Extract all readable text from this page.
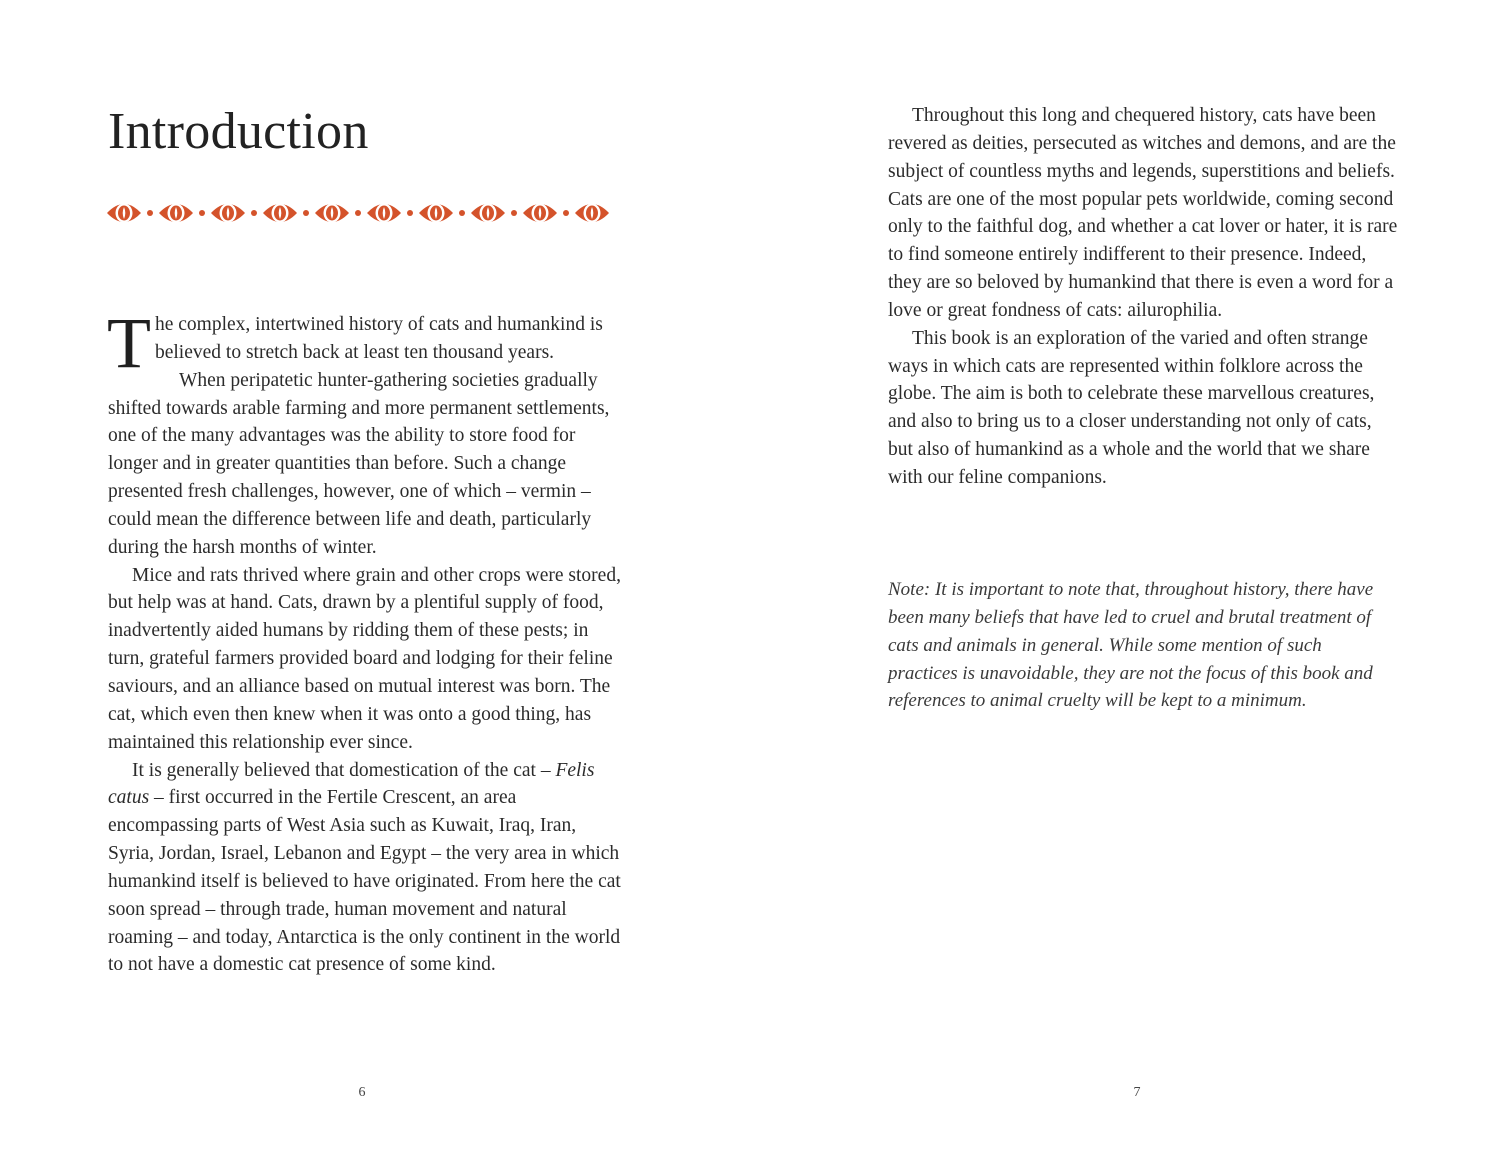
Introduction

The complex, intertwined history of cats and humankind is believed to stretch back at least ten thousand years.

When peripatetic hunter-gathering societies gradually shifted towards arable farming and more permanent settlements, one of the many advantages was the ability to store food for longer and in greater quantities than before. Such a change presented fresh challenges, however, one of which – vermin – could mean the difference between life and death, particularly during the harsh months of winter.

Mice and rats thrived where grain and other crops were stored, but help was at hand. Cats, drawn by a plentiful supply of food, inadvertently aided humans by ridding them of these pests; in turn, grateful farmers provided board and lodging for their feline saviours, and an alliance based on mutual interest was born. The cat, which even then knew when it was onto a good thing, has maintained this relationship ever since.

It is generally believed that domestication of the cat – Felis catus – first occurred in the Fertile Crescent, an area encompassing parts of West Asia such as Kuwait, Iraq, Iran, Syria, Jordan, Israel, Lebanon and Egypt – the very area in which humankind itself is believed to have originated. From here the cat soon spread – through trade, human movement and natural roaming – and today, Antarctica is the only continent in the world to not have a domestic cat presence of some kind.

6

Throughout this long and chequered history, cats have been revered as deities, persecuted as witches and demons, and are the subject of countless myths and legends, superstitions and beliefs. Cats are one of the most popular pets worldwide, coming second only to the faithful dog, and whether a cat lover or hater, it is rare to find someone entirely indifferent to their presence. Indeed, they are so beloved by humankind that there is even a word for a love or great fondness of cats: ailurophilia.

This book is an exploration of the varied and often strange ways in which cats are represented within folklore across the globe. The aim is both to celebrate these marvellous creatures, and also to bring us to a closer understanding not only of cats, but also of humankind as a whole and the world that we share with our feline companions.

Note: It is important to note that, throughout history, there have been many beliefs that have led to cruel and brutal treatment of cats and animals in general. While some mention of such practices is unavoidable, they are not the focus of this book and references to animal cruelty will be kept to a minimum.

7
